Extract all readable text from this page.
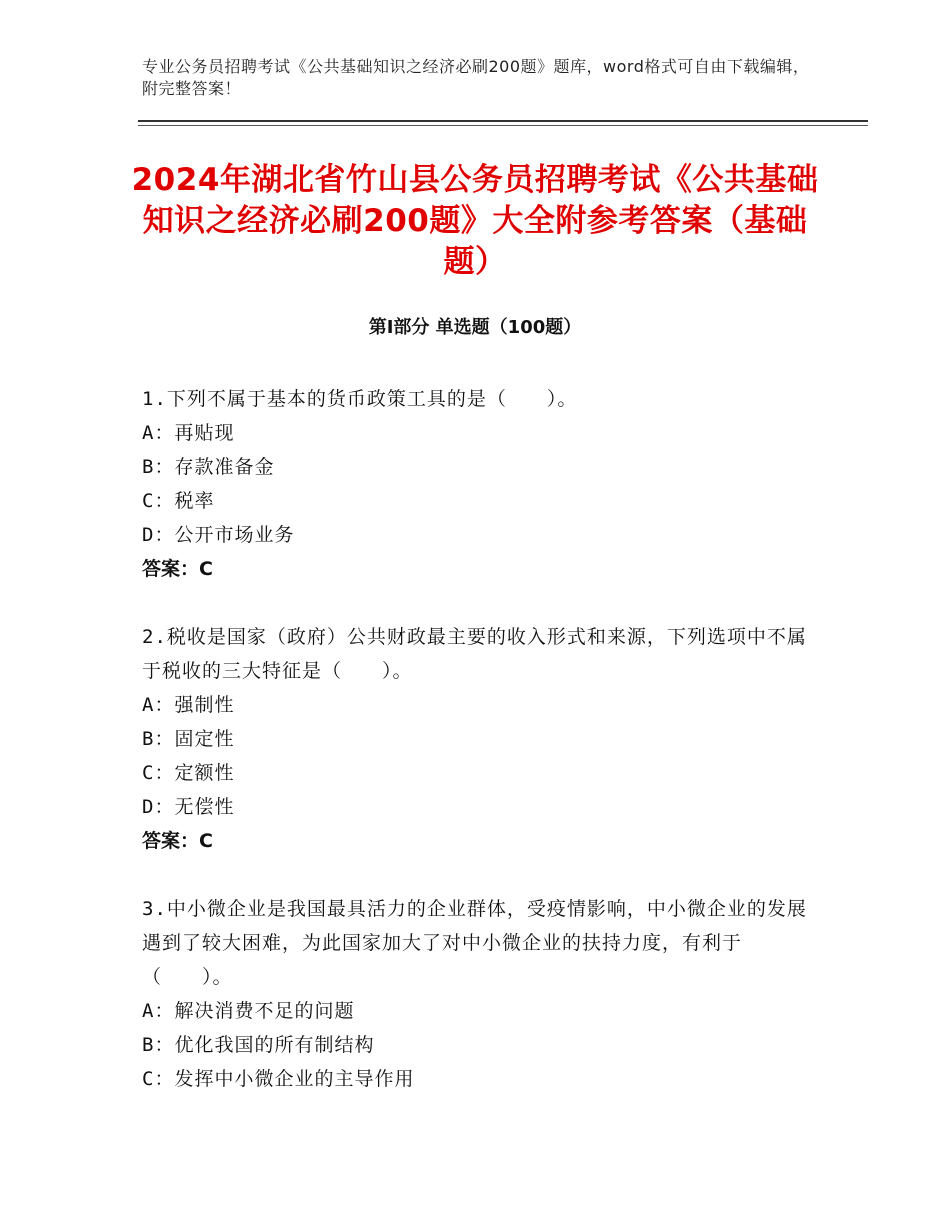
专业公务员招聘考试《公共基础知识之经济必刷200题》题库，word格式可自由下载编辑，附完整答案！
2024年湖北省竹山县公务员招聘考试《公共基础知识之经济必刷200题》大全附参考答案（基础题）
第I部分 单选题（100题）

1.下列不属于基本的货币政策工具的是（　　）。

A：再贴现

B：存款准备金

C：税率

D：公开市场业务

答案：C

2.税收是国家（政府）公共财政最主要的收入形式和来源，下列选项中不属于税收的三大特征是（　　）。

A：强制性

B：固定性

C：定额性

D：无偿性

答案：C

3.中小微企业是我国最具活力的企业群体，受疫情影响，中小微企业的发展遇到了较大困难，为此国家加大了对中小微企业的扶持力度，有利于（　　）。

A：解决消费不足的问题

B：优化我国的所有制结构

C：发挥中小微企业的主导作用
